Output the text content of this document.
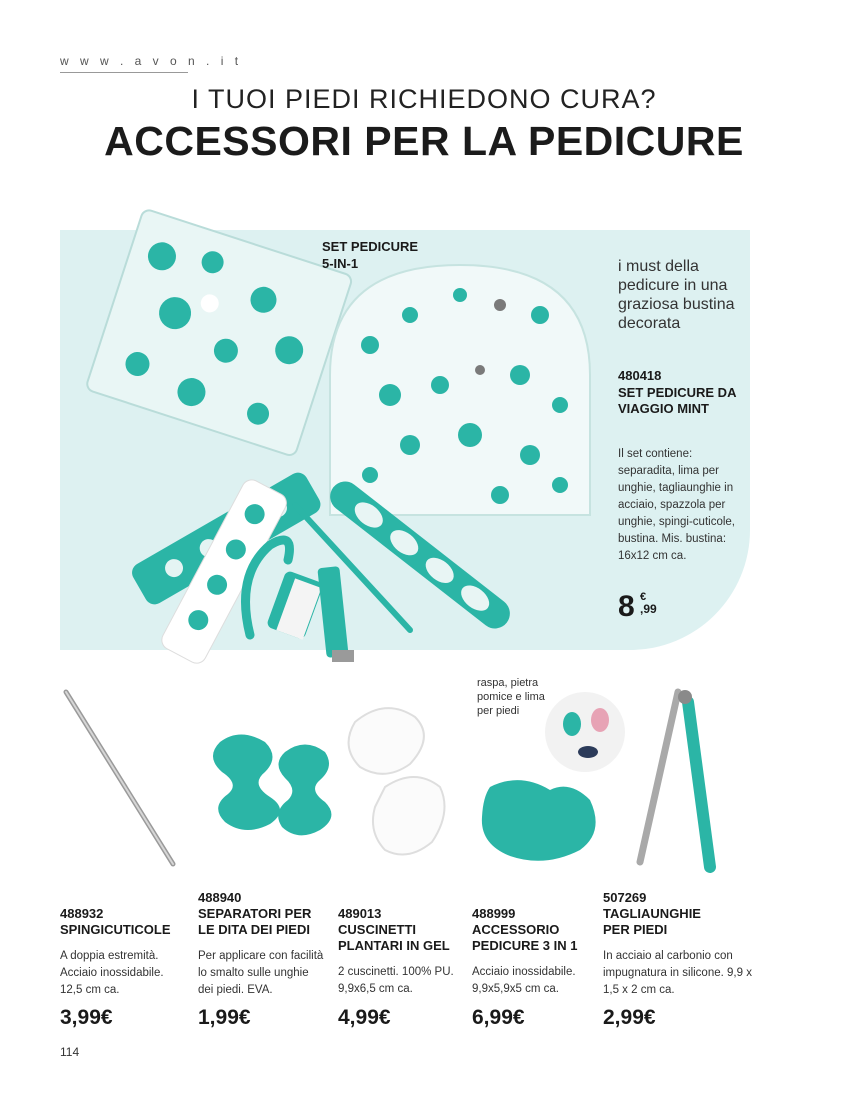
w w w . a v o n . i t
I TUOI PIEDI RICHIEDONO CURA?
ACCESSORI PER LA PEDICURE
SET PEDICURE
5-IN-1	i must della pedicure in una graziosa bustina decorata
480418
SET PEDICURE DA VIAGGIO MINT
Il set contiene: separadita, lima per unghie, tagliaunghie in acciaio, spazzola per unghie, spingi-cuticole, bustina. Mis. bustina: 16x12 cm ca.
8 €
,99
raspa, pietra pomice e lima per piedi
488932
SPINGICUTICOLE
A doppia estremità. Acciaio inossidabile. 12,5 cm ca.
3,99€
488940
SEPARATORI PER LE DITA DEI PIEDI
Per applicare con facilità lo smalto sulle unghie dei piedi. EVA.
1,99€
489013
CUSCINETTI PLANTARI IN GEL
2 cuscinetti. 100% PU. 9,9x6,5 cm ca.
4,99€
488999
ACCESSORIO PEDICURE 3 IN 1
Acciaio inossidabile. 9,9x5,9x5 cm ca.
6,99€
507269
TAGLIAUNGHIE PER PIEDI
In acciaio al carbonio con impugnatura in silicone. 9,9 x 1,5 x 2 cm ca.
2,99€
114
